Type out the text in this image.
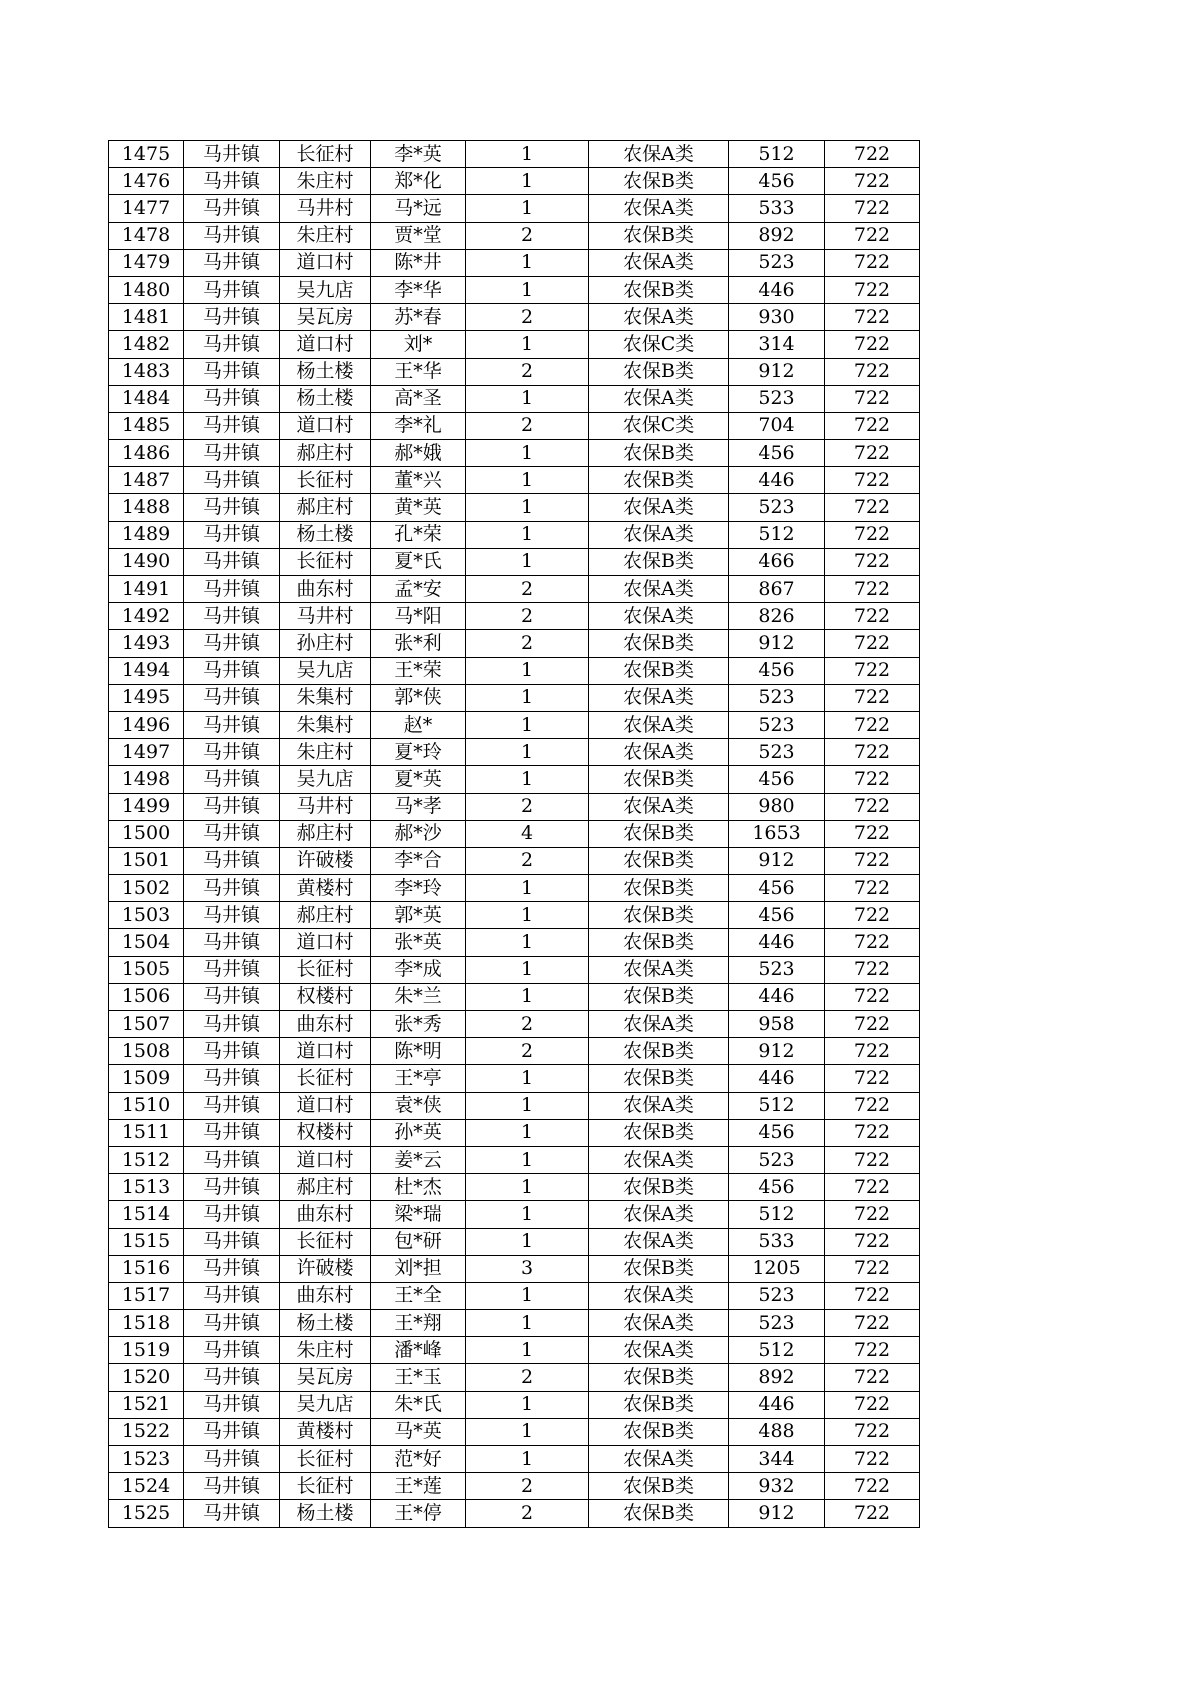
1475	马井镇	长征村	李*英	1	农保A类	512	722
1476	马井镇	朱庄村	郑*化	1	农保B类	456	722
1477	马井镇	马井村	马*远	1	农保A类	533	722
1478	马井镇	朱庄村	贾*堂	2	农保B类	892	722
1479	马井镇	道口村	陈*井	1	农保A类	523	722
1480	马井镇	吴九店	李*华	1	农保B类	446	722
1481	马井镇	吴瓦房	苏*春	2	农保A类	930	722
1482	马井镇	道口村	刘*	1	农保C类	314	722
1483	马井镇	杨土楼	王*华	2	农保B类	912	722
1484	马井镇	杨土楼	高*圣	1	农保A类	523	722
1485	马井镇	道口村	李*礼	2	农保C类	704	722
1486	马井镇	郝庄村	郝*娥	1	农保B类	456	722
1487	马井镇	长征村	董*兴	1	农保B类	446	722
1488	马井镇	郝庄村	黄*英	1	农保A类	523	722
1489	马井镇	杨土楼	孔*荣	1	农保A类	512	722
1490	马井镇	长征村	夏*氏	1	农保B类	466	722
1491	马井镇	曲东村	孟*安	2	农保A类	867	722
1492	马井镇	马井村	马*阳	2	农保A类	826	722
1493	马井镇	孙庄村	张*利	2	农保B类	912	722
1494	马井镇	吴九店	王*荣	1	农保B类	456	722
1495	马井镇	朱集村	郭*侠	1	农保A类	523	722
1496	马井镇	朱集村	赵*	1	农保A类	523	722
1497	马井镇	朱庄村	夏*玲	1	农保A类	523	722
1498	马井镇	吴九店	夏*英	1	农保B类	456	722
1499	马井镇	马井村	马*孝	2	农保A类	980	722
1500	马井镇	郝庄村	郝*沙	4	农保B类	1653	722
1501	马井镇	许破楼	李*合	2	农保B类	912	722
1502	马井镇	黄楼村	李*玲	1	农保B类	456	722
1503	马井镇	郝庄村	郭*英	1	农保B类	456	722
1504	马井镇	道口村	张*英	1	农保B类	446	722
1505	马井镇	长征村	李*成	1	农保A类	523	722
1506	马井镇	权楼村	朱*兰	1	农保B类	446	722
1507	马井镇	曲东村	张*秀	2	农保A类	958	722
1508	马井镇	道口村	陈*明	2	农保B类	912	722
1509	马井镇	长征村	王*亭	1	农保B类	446	722
1510	马井镇	道口村	袁*侠	1	农保A类	512	722
1511	马井镇	权楼村	孙*英	1	农保B类	456	722
1512	马井镇	道口村	姜*云	1	农保A类	523	722
1513	马井镇	郝庄村	杜*杰	1	农保B类	456	722
1514	马井镇	曲东村	梁*瑞	1	农保A类	512	722
1515	马井镇	长征村	包*研	1	农保A类	533	722
1516	马井镇	许破楼	刘*担	3	农保B类	1205	722
1517	马井镇	曲东村	王*全	1	农保A类	523	722
1518	马井镇	杨土楼	王*翔	1	农保A类	523	722
1519	马井镇	朱庄村	潘*峰	1	农保A类	512	722
1520	马井镇	吴瓦房	王*玉	2	农保B类	892	722
1521	马井镇	吴九店	朱*氏	1	农保B类	446	722
1522	马井镇	黄楼村	马*英	1	农保B类	488	722
1523	马井镇	长征村	范*好	1	农保A类	344	722
1524	马井镇	长征村	王*莲	2	农保B类	932	722
1525	马井镇	杨土楼	王*停	2	农保B类	912	722
